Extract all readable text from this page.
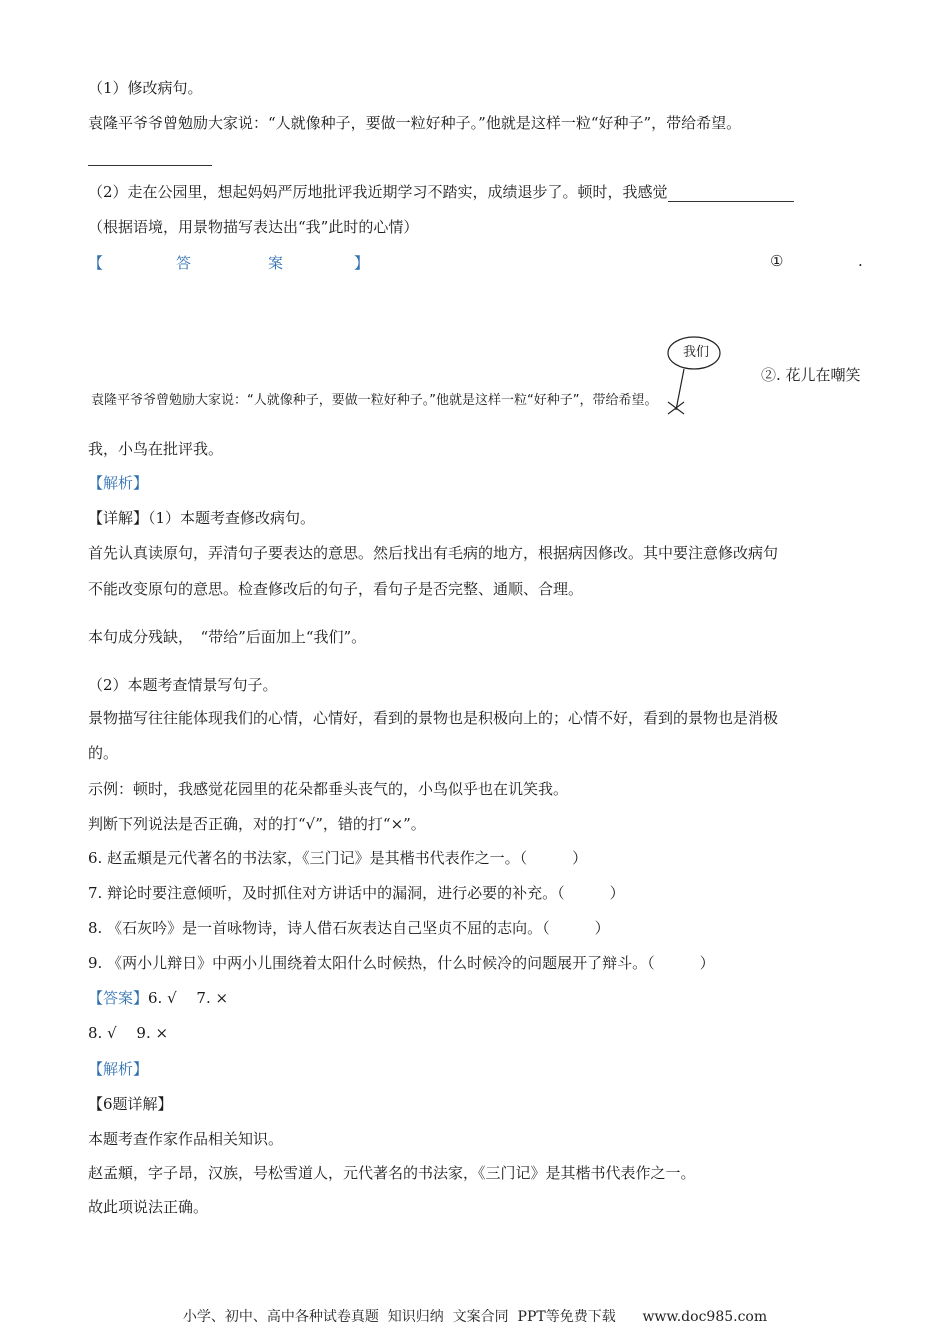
（1）修改病句。
袁隆平爷爷曾勉励大家说：“人就像种子，要做一粒好种子。”他就是这样一粒“好种子”，带给希望。
（2）走在公园里，想起妈妈严厉地批评我近期学习不踏实，成绩退步了。顿时，我感觉
（根据语境，用景物描写表达出“我”此时的心情）
【	答	案	】	①	.
我们
袁隆平爷爷曾勉励大家说：“人就像种子，要做一粒好种子。”他就是这样一粒“好种子”，带给希望。
②. 花儿在嘲笑
我，小鸟在批评我。
【解析】
【详解】（1）本题考查修改病句。
首先认真读原句，弄清句子要表达的意思。然后找出有毛病的地方，根据病因修改。其中要注意修改病句
不能改变原句的意思。检查修改后的句子，看句子是否完整、通顺、合理。
本句成分残缺，　“带给”后面加上“我们”。
（2）本题考查情景写句子。
景物描写往往能体现我们的心情，心情好，看到的景物也是积极向上的；心情不好，看到的景物也是消极
的。
示例：顿时，我感觉花园里的花朵都垂头丧气的，小鸟似乎也在讥笑我。
判断下列说法是否正确，对的打“√”，错的打“×”。
6. 赵孟頫是元代著名的书法家，《三门记》是其楷书代表作之一。（　　　）
7. 辩论时要注意倾听，及时抓住对方讲话中的漏洞，进行必要的补充。（　　　）
8. 《石灰吟》是一首咏物诗，诗人借石灰表达自己坚贞不屈的志向。（　　　）
9. 《两小儿辩日》中两小儿围绕着太阳什么时候热，什么时候冷的问题展开了辩斗。（　　　）
【答案】6. √　 7. ×
8. √　 9. ×
【解析】
【6题详解】
本题考查作家作品相关知识。
赵孟頫，字子昂，汉族，号松雪道人，元代著名的书法家，《三门记》是其楷书代表作之一。
故此项说法正确。
小学、初中、高中各种试卷真题  知识归纳  文案合同  PPT等免费下载      www.doc985.com
